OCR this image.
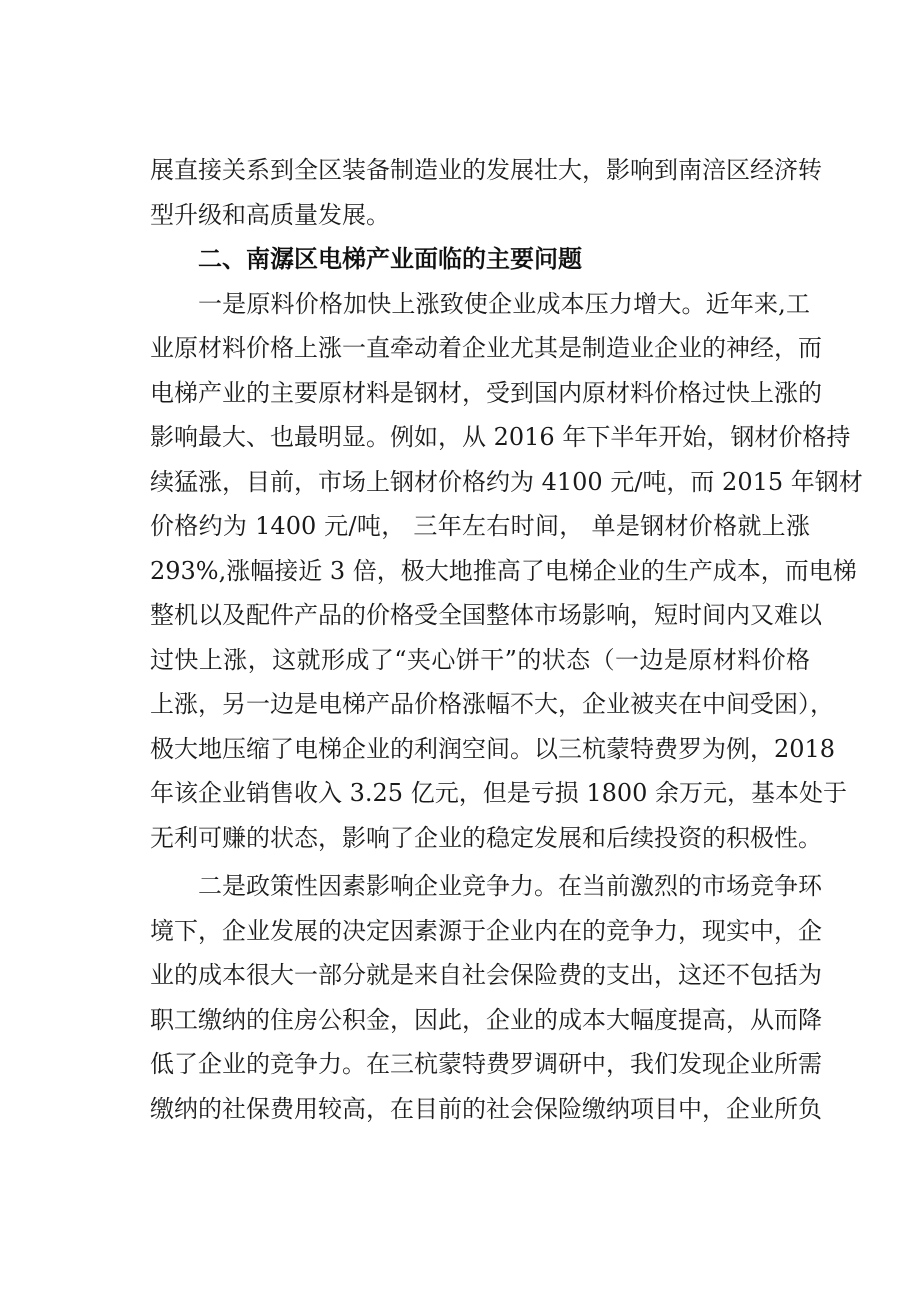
展直接关系到全区装备制造业的发展壮大，影响到南涪区经济转
型升级和高质量发展。
二、南潺区电梯产业面临的主要问题
一是原料价格加快上涨致使企业成本压力增大。近年来,工
业原材料价格上涨一直牵动着企业尤其是制造业企业的神经，而
电梯产业的主要原材料是钢材，受到国内原材料价格过快上涨的
影响最大、也最明显。例如，从 2016 年下半年开始，钢材价格持
续猛涨，目前，市场上钢材价格约为 4100 元/吨，而 2015 年钢材
价格约为 1400 元/吨， 三年左右时间， 单是钢材价格就上涨
293%,涨幅接近 3 倍，极大地推高了电梯企业的生产成本，而电梯
整机以及配件产品的价格受全国整体市场影响，短时间内又难以
过快上涨，这就形成了“夹心饼干”的状态（一边是原材料价格
上涨，另一边是电梯产品价格涨幅不大，企业被夹在中间受困），
极大地压缩了电梯企业的利润空间。以三杭蒙特费罗为例，2018
年该企业销售收入 3.25 亿元，但是亏损 1800 余万元，基本处于
无利可赚的状态，影响了企业的稳定发展和后续投资的积极性。
二是政策性因素影响企业竞争力。在当前激烈的市场竞争环
境下，企业发展的决定因素源于企业内在的竞争力，现实中，企
业的成本很大一部分就是来自社会保险费的支出，这还不包括为
职工缴纳的住房公积金，因此，企业的成本大幅度提高，从而降
低了企业的竞争力。在三杭蒙特费罗调研中，我们发现企业所需
缴纳的社保费用较高，在目前的社会保险缴纳项目中，企业所负
